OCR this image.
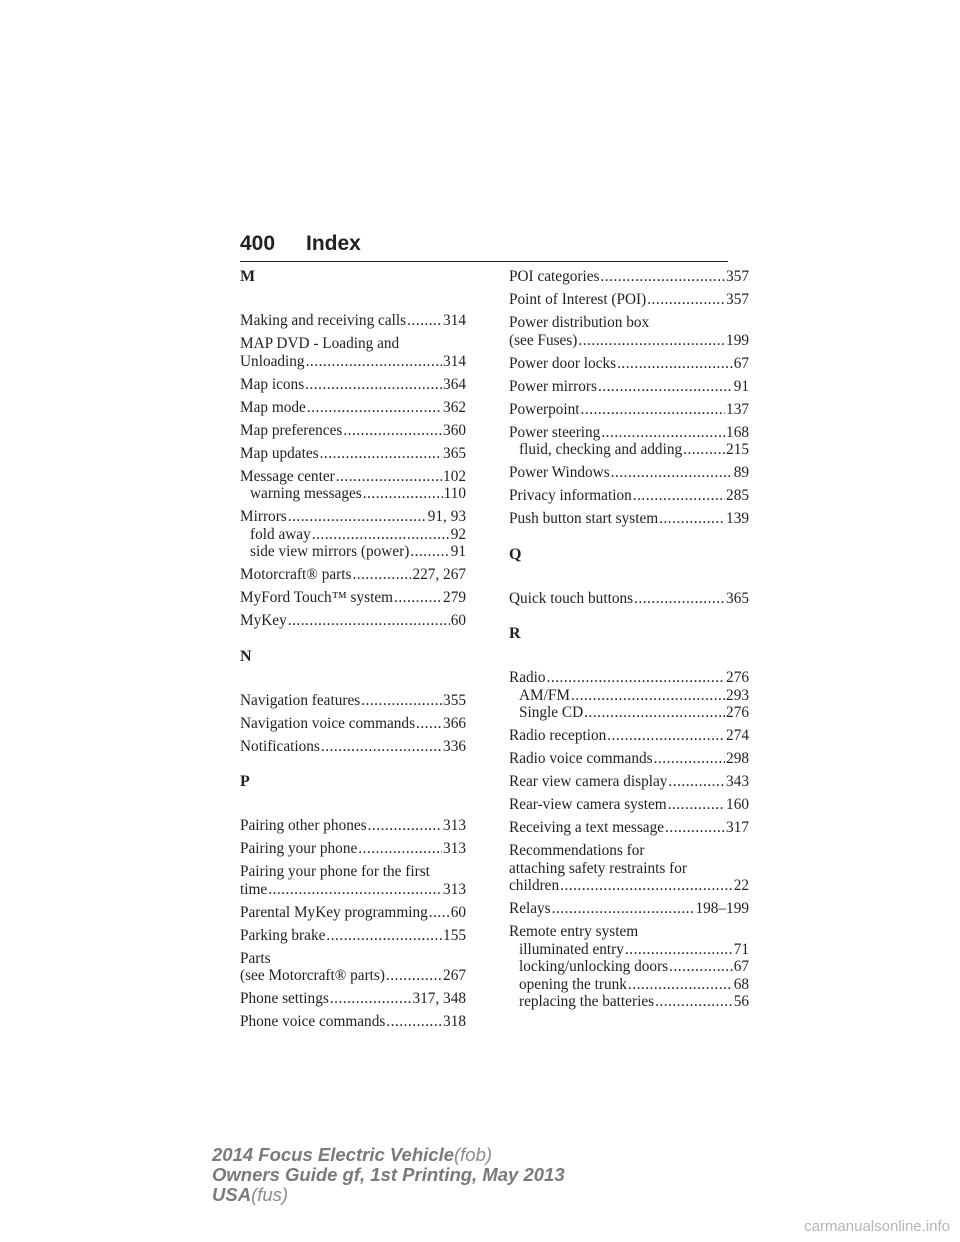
400 Index
M
Making and receiving calls ..... 314
MAP DVD - Loading and
Unloading .....	314
Map icons .....	364
Map mode .....	362
Map preferences .....	360
Map updates .....	365
Message center .....	102
warning messages .....	110
Mirrors .....	91, 93
fold away .....	92
side view mirrors (power) .....	91
Motorcraft® parts .....	227, 267
MyFord Touch™ system .....	279
MyKey .....	60
N
Navigation features .....	355
Navigation voice commands ..... 366
Notifications .....	336
P
Pairing other phones .....	313
Pairing your phone .....	313
Pairing your phone for the first
time .....	313
Parental MyKey programming ..... 60
Parking brake .....	155
Parts
(see Motorcraft® parts) .....	267
Phone settings .....	317, 348
Phone voice commands .....	318
POI categories .....	357
Point of Interest (POI) .....	357
Power distribution box
(see Fuses) .....	199
Power door locks .....	67
Power mirrors .....	91
Powerpoint .....	137
Power steering .....	168
fluid, checking and adding .....	215
Power Windows .....	89
Privacy information .....	285
Push button start system .....	139
Q
Quick touch buttons .....	365
R
Radio .....	276
AM/FM .....	293
Single CD .....	276
Radio reception .....	274
Radio voice commands .....	298
Rear view camera display .....	343
Rear-view camera system .....	160
Receiving a text message .....	317
Recommendations for
attaching safety restraints for
children .....	22
Relays .....	198–199
Remote entry system
illuminated entry .....	71
locking/unlocking doors .....	67
opening the trunk .....	68
replacing the batteries .....	56
2014 Focus Electric Vehicle(fob)
Owners Guide gf, 1st Printing, May 2013
USA(fus)
carmanualsonline.info
